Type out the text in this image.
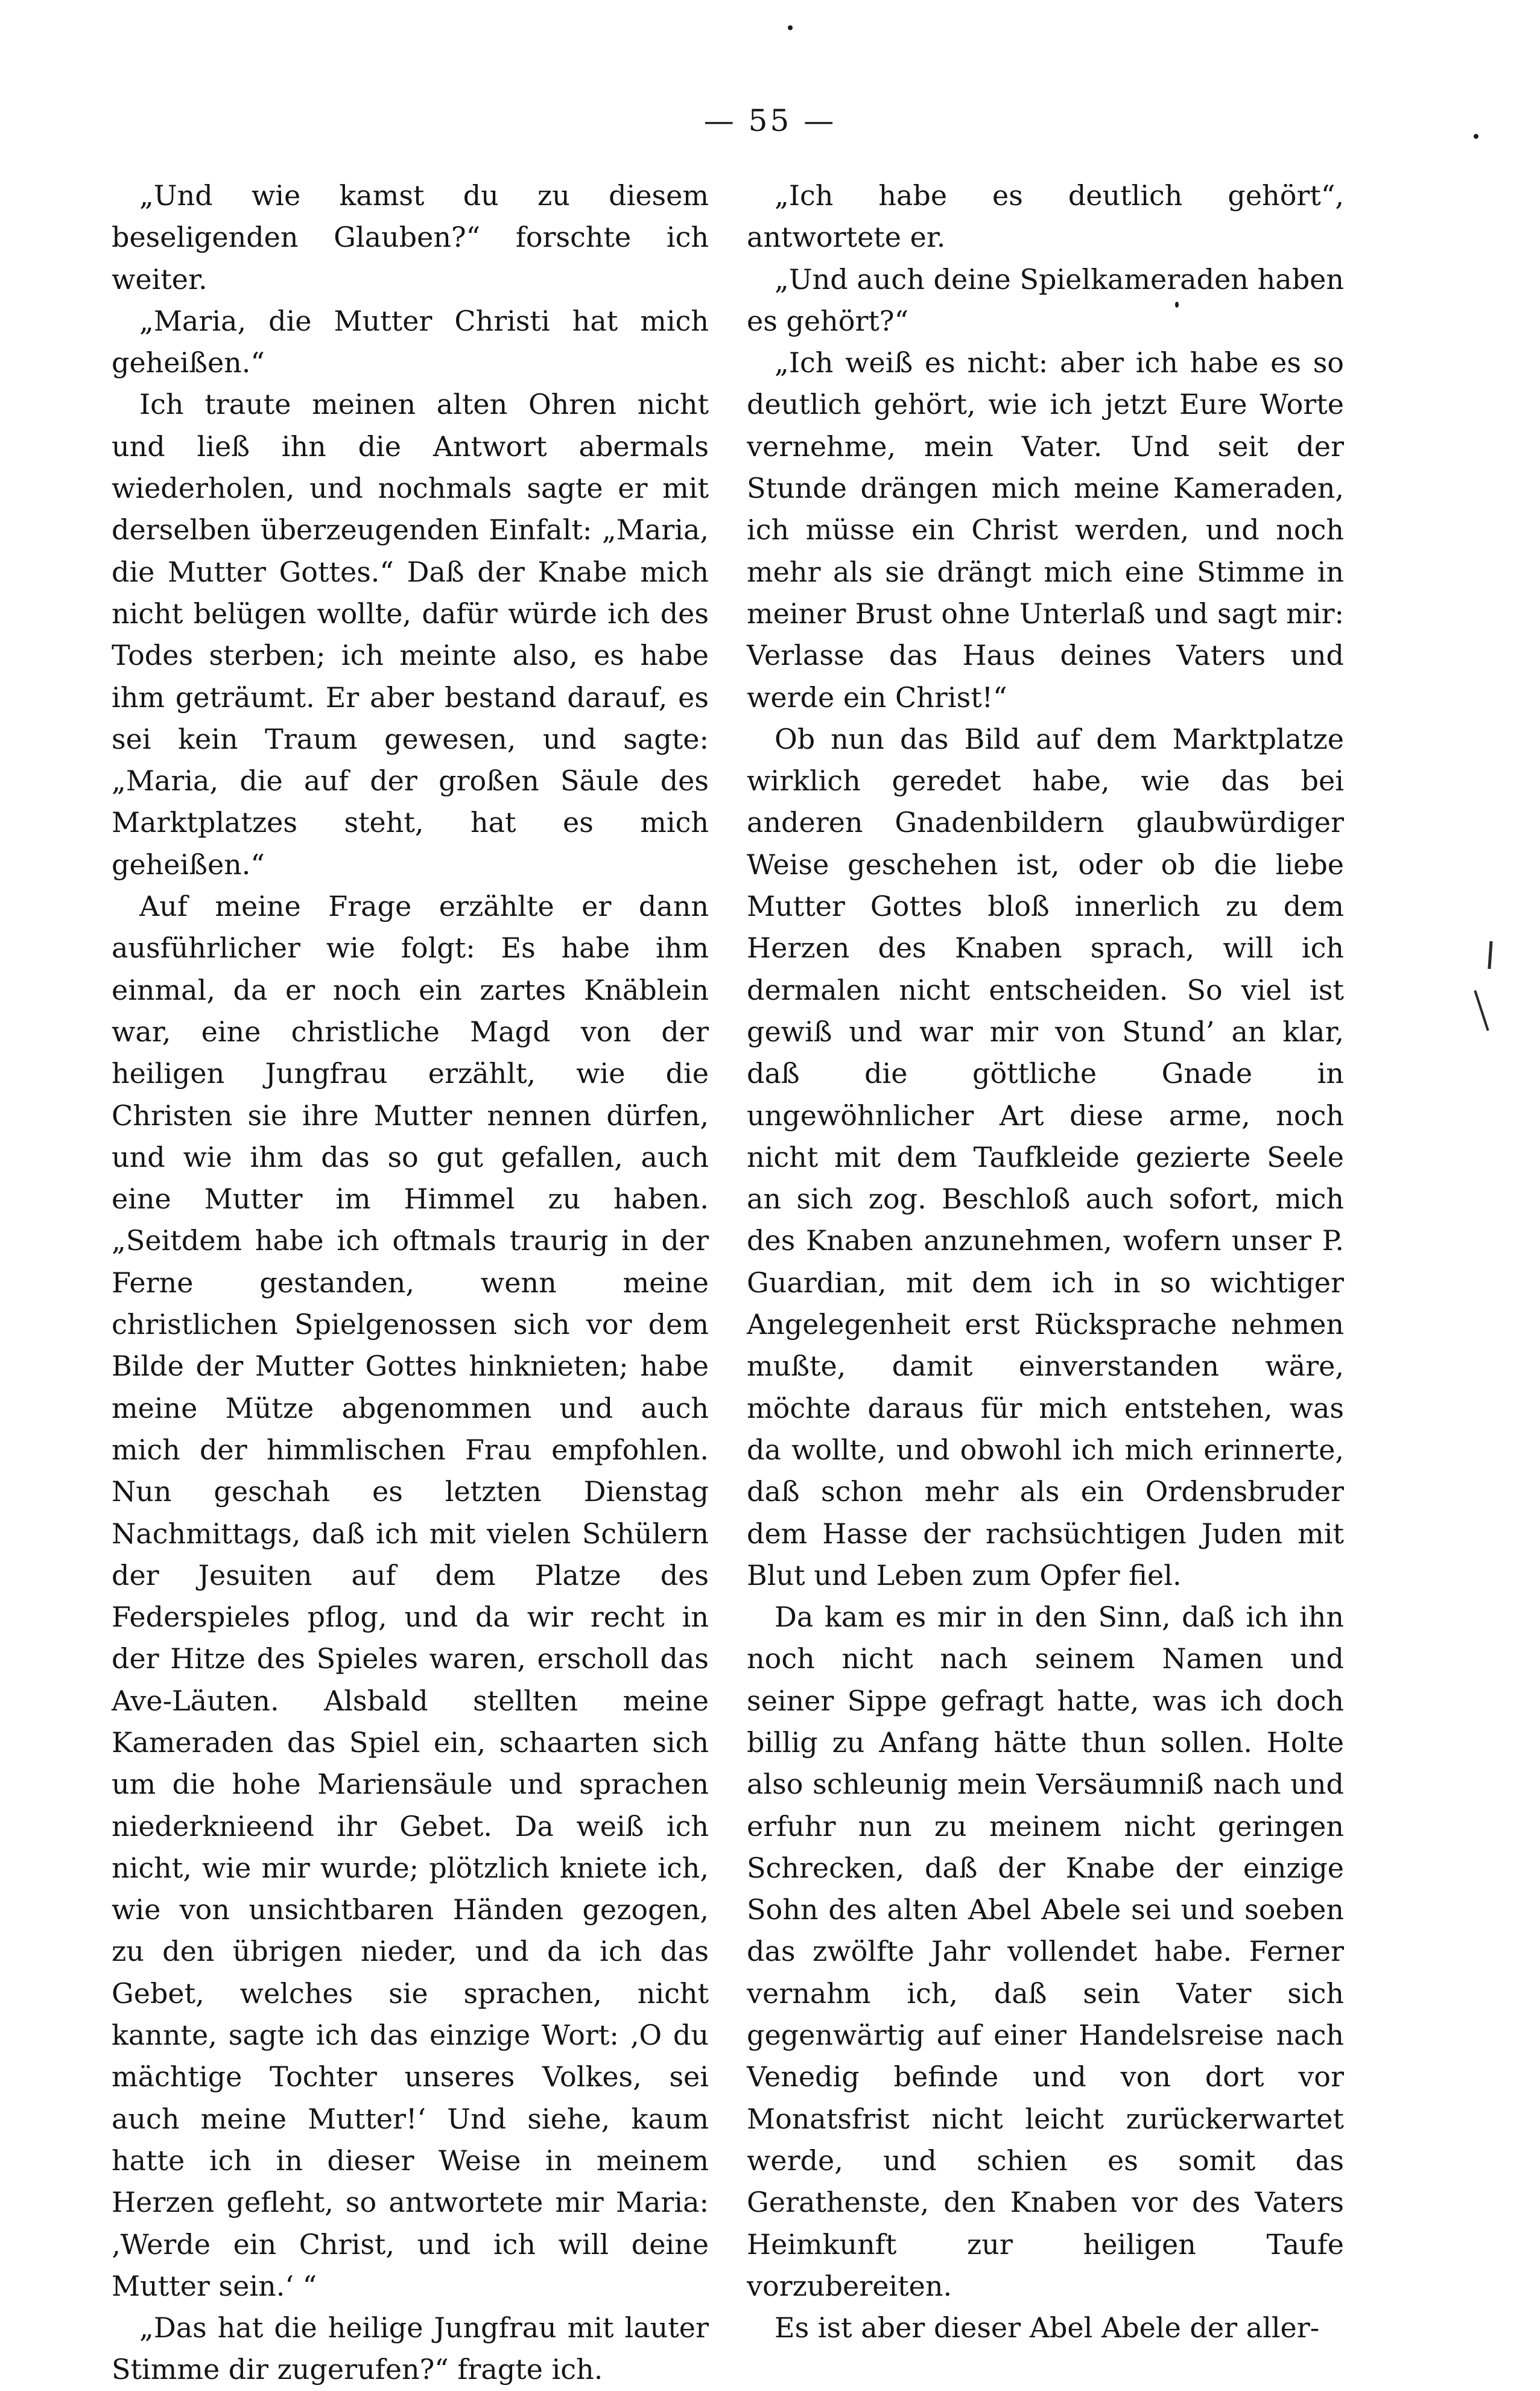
— 55 —

„Und wie kamst du zu diesem beseligenden Glauben?“ forschte ich weiter.

„Maria, die Mutter Christi hat mich geheißen.“

Ich traute meinen alten Ohren nicht und ließ ihn die Antwort abermals wiederholen, und nochmals sagte er mit derselben überzeugenden Einfalt: „Maria, die Mutter Gottes.“ Daß der Knabe mich nicht belügen wollte, dafür würde ich des Todes sterben; ich meinte also, es habe ihm geträumt. Er aber bestand darauf, es sei kein Traum gewesen, und sagte: „Maria, die auf der großen Säule des Marktplatzes steht, hat es mich geheißen.“

Auf meine Frage erzählte er dann ausführlicher wie folgt: Es habe ihm einmal, da er noch ein zartes Knäblein war, eine christliche Magd von der heiligen Jungfrau erzählt, wie die Christen sie ihre Mutter nennen dürfen, und wie ihm das so gut gefallen, auch eine Mutter im Himmel zu haben. „Seitdem habe ich oftmals traurig in der Ferne gestanden, wenn meine christlichen Spielgenossen sich vor dem Bilde der Mutter Gottes hinknieten; habe meine Mütze abgenommen und auch mich der himmlischen Frau empfohlen. Nun geschah es letzten Dienstag Nachmittags, daß ich mit vielen Schülern der Jesuiten auf dem Platze des Federspieles pflog, und da wir recht in der Hitze des Spieles waren, erscholl das Ave-Läuten. Alsbald stellten meine Kameraden das Spiel ein, schaarten sich um die hohe Mariensäule und sprachen niederknieend ihr Gebet. Da weiß ich nicht, wie mir wurde; plötzlich kniete ich, wie von unsichtbaren Händen gezogen, zu den übrigen nieder, und da ich das Gebet, welches sie sprachen, nicht kannte, sagte ich das einzige Wort: ‚O du mächtige Tochter unseres Volkes, sei auch meine Mutter!‘ Und siehe, kaum hatte ich in dieser Weise in meinem Herzen gefleht, so antwortete mir Maria: ‚Werde ein Christ, und ich will deine Mutter sein.‘ “

„Das hat die heilige Jungfrau mit lauter Stimme dir zugerufen?“ fragte ich.

„Ich habe es deutlich gehört“, antwortete er.

„Und auch deine Spielkameraden haben es gehört?“

„Ich weiß es nicht: aber ich habe es so deutlich gehört, wie ich jetzt Eure Worte vernehme, mein Vater. Und seit der Stunde drängen mich meine Kameraden, ich müsse ein Christ werden, und noch mehr als sie drängt mich eine Stimme in meiner Brust ohne Unterlaß und sagt mir: Verlasse das Haus deines Vaters und werde ein Christ!“

Ob nun das Bild auf dem Marktplatze wirklich geredet habe, wie das bei anderen Gnadenbildern glaubwürdiger Weise geschehen ist, oder ob die liebe Mutter Gottes bloß innerlich zu dem Herzen des Knaben sprach, will ich dermalen nicht entscheiden. So viel ist gewiß und war mir von Stund’ an klar, daß die göttliche Gnade in ungewöhnlicher Art diese arme, noch nicht mit dem Taufkleide gezierte Seele an sich zog. Beschloß auch sofort, mich des Knaben anzunehmen, wofern unser P. Guardian, mit dem ich in so wichtiger Angelegenheit erst Rücksprache nehmen mußte, damit einverstanden wäre, möchte daraus für mich entstehen, was da wollte, und obwohl ich mich erinnerte, daß schon mehr als ein Ordensbruder dem Hasse der rachsüchtigen Juden mit Blut und Leben zum Opfer fiel.

Da kam es mir in den Sinn, daß ich ihn noch nicht nach seinem Namen und seiner Sippe gefragt hatte, was ich doch billig zu Anfang hätte thun sollen. Holte also schleunig mein Versäumniß nach und erfuhr nun zu meinem nicht geringen Schrecken, daß der Knabe der einzige Sohn des alten Abel Abele sei und soeben das zwölfte Jahr vollendet habe. Ferner vernahm ich, daß sein Vater sich gegenwärtig auf einer Handelsreise nach Venedig befinde und von dort vor Monatsfrist nicht leicht zurückerwartet werde, und schien es somit das Gerathenste, den Knaben vor des Vaters Heimkunft zur heiligen Taufe vorzubereiten.

Es ist aber dieser Abel Abele der aller-
